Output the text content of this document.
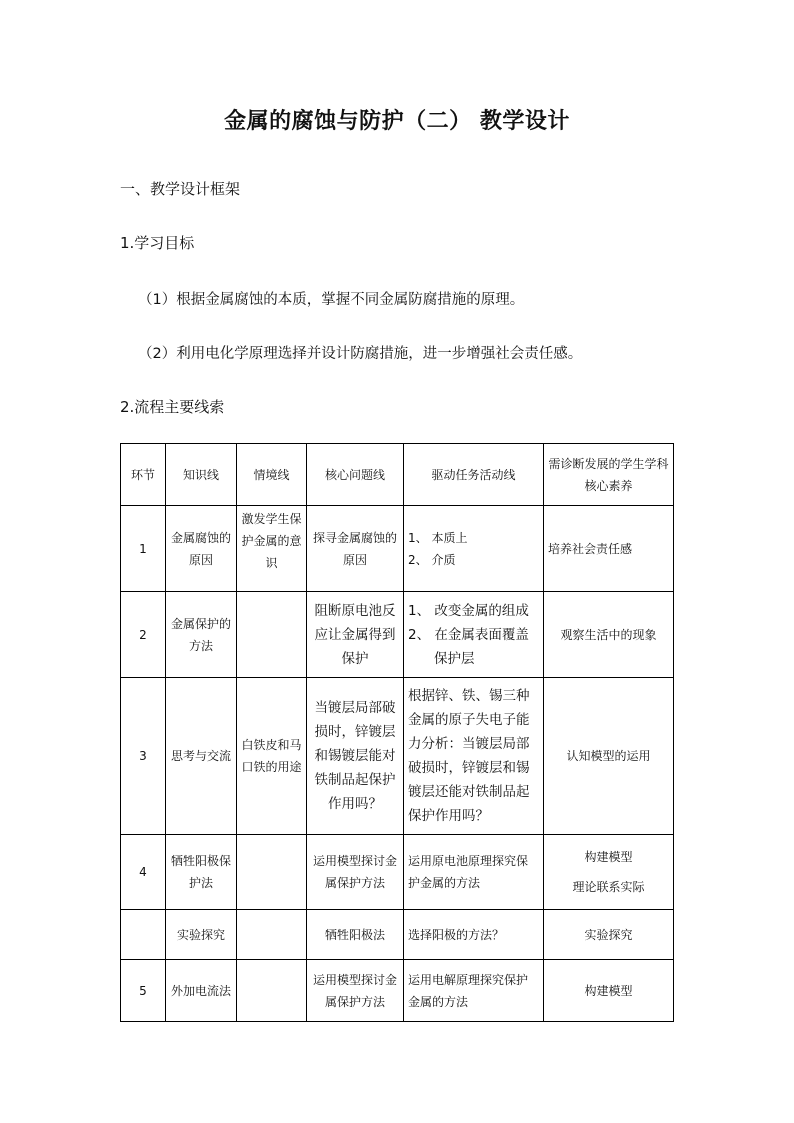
金属的腐蚀与防护（二） 教学设计
一、教学设计框架
1.学习目标
（1）根据金属腐蚀的本质，掌握不同金属防腐措施的原理。
（2）利用电化学原理选择并设计防腐措施，进一步增强社会责任感。
2.流程主要线索
环节	知识线	情境线	核心问题线	驱动任务活动线	需诊断发展的学生学科核心素养
1	金属腐蚀的原因	激发学生保护金属的意识	探寻金属腐蚀的原因	1、 本质上
2、 介质	培养社会责任感
2	金属保护的方法		阻断原电池反应让金属得到保护	1、 改变金属的组成
2、 在金属表面覆盖
保护层	观察生活中的现象
3	思考与交流	白铁皮和马口铁的用途	当镀层局部破损时，锌镀层和锡镀层能对铁制品起保护作用吗？	根据锌、铁、锡三种金属的原子失电子能力分析：当镀层局部破损时，锌镀层和锡镀层还能对铁制品起保护作用吗？	认知模型的运用
4	牺牲阳极保护法		运用模型探讨金属保护方法	运用原电池原理探究保护金属的方法	构建模型
理论联系实际

	实验探究		牺牲阳极法	选择阳极的方法？	实验探究
5	外加电流法		运用模型探讨金属保护方法	运用电解原理探究保护金属的方法	构建模型
